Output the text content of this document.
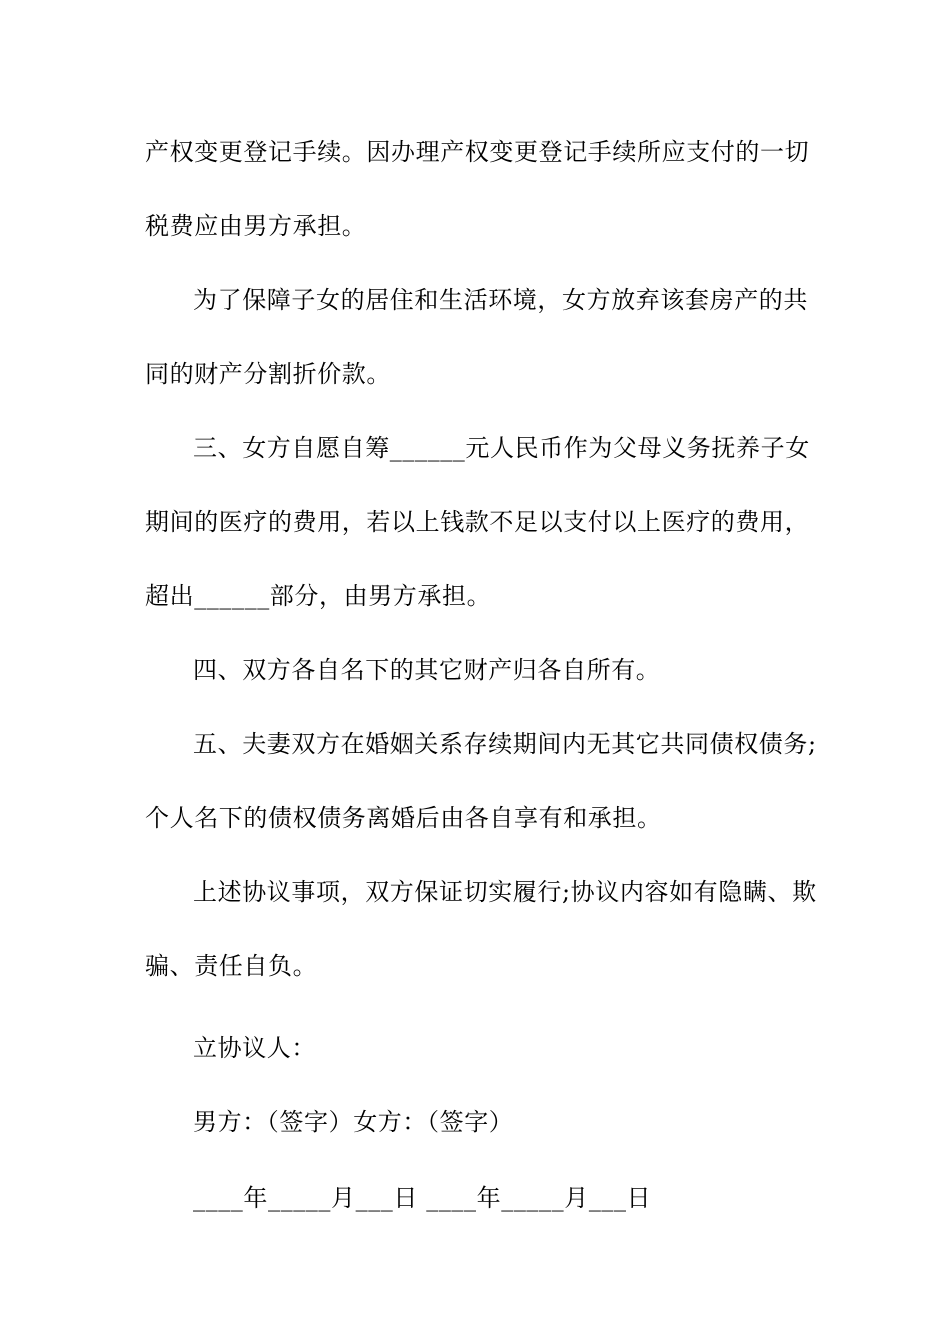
产权变更登记手续。因办理产权变更登记手续所应支付的一切
税费应由男方承担。
为了保障子女的居住和生活环境，女方放弃该套房产的共
同的财产分割折价款。
三、女方自愿自筹______元人民币作为父母义务抚养子女
期间的医疗的费用，若以上钱款不足以支付以上医疗的费用，
超出______部分，由男方承担。
四、双方各自名下的其它财产归各自所有。
五、夫妻双方在婚姻关系存续期间内无其它共同债权债务;
个人名下的债权债务离婚后由各自享有和承担。
上述协议事项，双方保证切实履行;协议内容如有隐瞒、欺
骗、责任自负。
立协议人：
男方：（签字）女方：（签字）
____年_____月___日 ____年_____月___日
